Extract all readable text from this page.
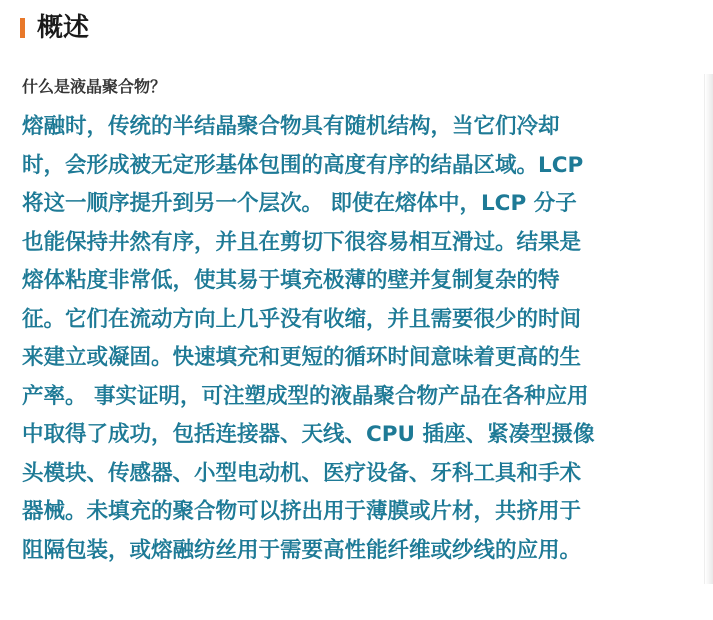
概述
什么是液晶聚合物？
熔融时，传统的半结晶聚合物具有随机结构，当它们冷却
时，会形成被无定形基体包围的高度有序的结晶区域。LCP
将这一顺序提升到另一个层次。 即使在熔体中，LCP 分子
也能保持井然有序，并且在剪切下很容易相互滑过。结果是
熔体粘度非常低，使其易于填充极薄的壁并复制复杂的特
征。它们在流动方向上几乎没有收缩，并且需要很少的时间
来建立或凝固。快速填充和更短的循环时间意味着更高的生
产率。 事实证明，可注塑成型的液晶聚合物产品在各种应用
中取得了成功，包括连接器、天线、CPU 插座、紧凑型摄像
头模块、传感器、小型电动机、医疗设备、牙科工具和手术
器械。未填充的聚合物可以挤出用于薄膜或片材，共挤用于
阻隔包装，或熔融纺丝用于需要高性能纤维或纱线的应用。
